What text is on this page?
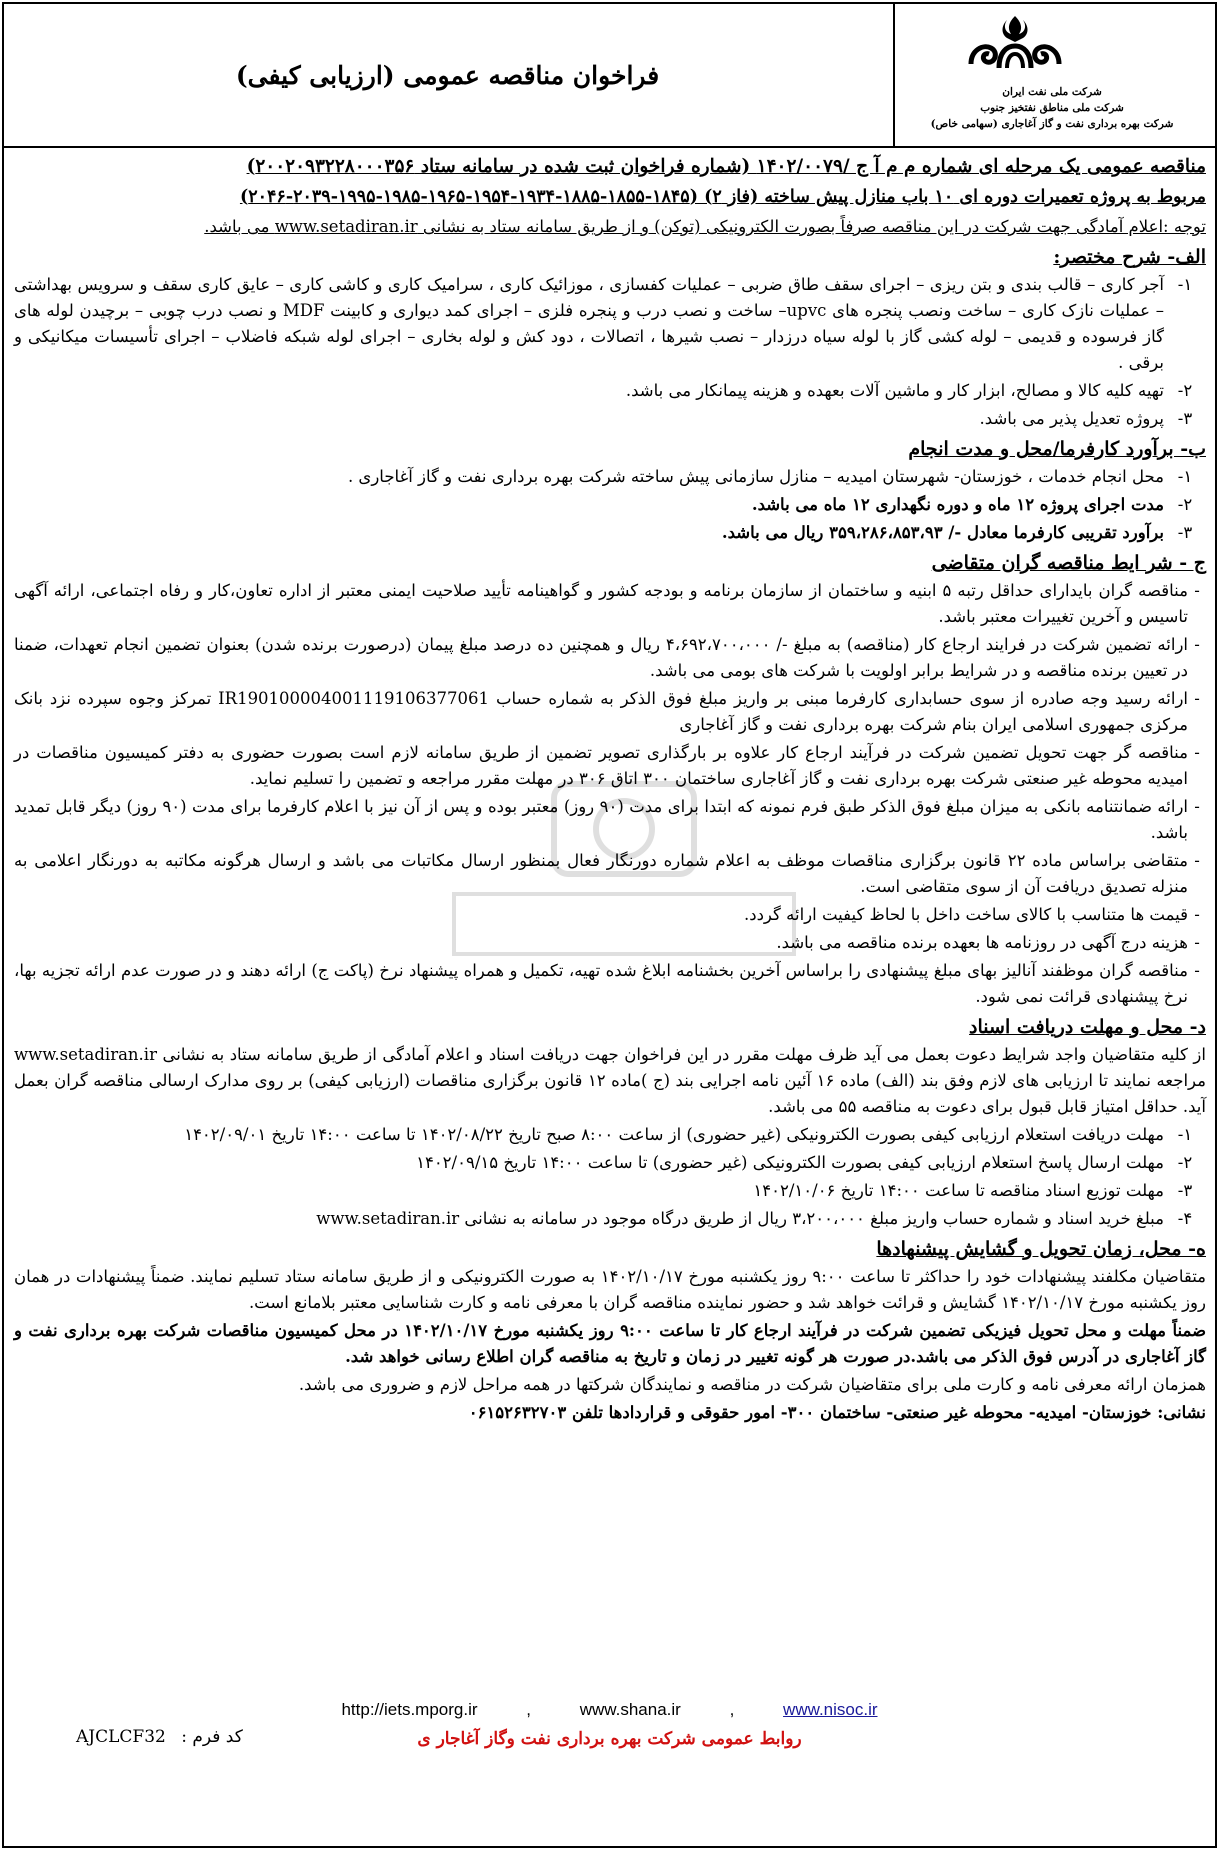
شرکت ملی نفت ایران
شرکت ملی مناطق نفتخیز جنوب
شرکت بهره برداری نفت و گاز آغاجاری (سهامی خاص)
فراخوان مناقصه عمومی (ارزیابی کیفی)
مناقصه عمومی یک مرحله ای شماره م م آ ج /۱۴۰۲/۰۰۷۹ (شماره فراخوان ثبت شده در سامانه ستاد ۲۰۰۲۰۹۳۲۲۸۰۰۰۳۵۶)
مربوط به پروژه تعمیرات دوره ای ۱۰ باب منازل پیش ساخته (فاز ۲) (۱۸۴۵-۱۸۵۵-۱۸۸۵-۱۹۳۴-۱۹۵۴-۱۹۶۵-۱۹۸۵-۱۹۹۵-۲۰۳۹-۲۰۴۶)
توجه :اعلام آمادگی جهت شرکت در این مناقصه صرفاً بصورت الکترونیکی (توکن) و از طریق سامانه ستاد به نشانی www.setadiran.ir می باشد.
الف- شرح مختصر:
۱-
آجر کاری – قالب بندی و بتن ریزی – اجرای سقف طاق ضربی – عملیات کفسازی ، موزائیک کاری ، سرامیک کاری و کاشی کاری – عایق کاری سقف و سرویس بهداشتی – عملیات نازک کاری – ساخت ونصب پنجره های upvc– ساخت و نصب درب و پنجره فلزی – اجرای کمد دیواری و کابینت MDF و نصب درب چوبی – برچیدن لوله های گاز فرسوده و قدیمی – لوله کشی گاز با لوله سیاه درزدار – نصب شیرها ، اتصالات ، دود کش و لوله بخاری – اجرای لوله شبکه فاضلاب – اجرای تأسیسات میکانیکی و برقی .
۲-
تهیه کلیه کالا و مصالح، ابزار کار و ماشین آلات بعهده و هزینه پیمانکار می باشد.
۳-
پروژه تعدیل پذیر می باشد.
ب- برآورد کارفرما/محل و مدت انجام
۱-
محل انجام خدمات ، خوزستان- شهرستان امیدیه – منازل سازمانی پیش ساخته شرکت بهره برداری نفت و گاز آغاجاری .
۲-
مدت اجرای پروژه ۱۲ ماه و دوره نگهداری ۱۲ ماه می باشد.
۳-
برآورد تقریبی کارفرما معادل -/ ۳۵۹،۲۸۶،۸۵۳،۹۳ ریال می باشد.
ج - شر ایط مناقصه گران متقاضی
-
مناقصه گران بایدارای حداقل رتبه ۵ ابنیه و ساختمان از سازمان برنامه و بودجه کشور و گواهینامه تأیید صلاحیت ایمنی معتبر از اداره تعاون،کار و رفاه اجتماعی، ارائه آگهی تاسیس و آخرین تغییرات معتبر باشد.
-
ارائه تضمین شرکت در فرایند ارجاع کار (مناقصه) به مبلغ -/ ۴،۶۹۲،۷۰۰،۰۰۰ ریال و همچنین ده درصد مبلغ پیمان (درصورت برنده شدن) بعنوان تضمین انجام تعهدات، ضمنا در تعیین برنده مناقصه و در شرایط برابر اولویت با شرکت های بومی می باشد.
-
ارائه رسید وجه صادره از سوی حسابداری کارفرما مبنی بر واریز مبلغ فوق الذکر به شماره حساب IR190100004001119106377061 تمرکز وجوه سپرده نزد بانک مرکزی جمهوری اسلامی ایران بنام شرکت بهره برداری نفت و گاز آغاجاری
-
مناقصه گر جهت تحویل تضمین شرکت در فرآیند ارجاع کار علاوه بر بارگذاری تصویر تضمین از طریق سامانه لازم است بصورت حضوری به دفتر کمیسیون مناقصات در امیدیه محوطه غیر صنعتی شرکت بهره برداری نفت و گاز آغاجاری ساختمان ۳۰۰ اتاق ۳۰۶ در مهلت مقرر مراجعه و تضمین را تسلیم نماید.
-
ارائه ضمانتنامه بانکی به میزان مبلغ فوق الذکر طبق فرم نمونه که ابتدا برای مدت (۹۰ روز) معتبر بوده و پس از آن نیز با اعلام کارفرما برای مدت (۹۰ روز) دیگر قابل تمدید باشد.
-
متقاضی براساس ماده ۲۲ قانون برگزاری مناقصات موظف به اعلام شماره دورنگار فعال بمنظور ارسال مکاتبات می باشد و ارسال هرگونه مکاتبه به دورنگار اعلامی به منزله تصدیق دریافت آن از سوی متقاضی است.
-
قیمت ها متناسب با کالای ساخت داخل با لحاظ کیفیت ارائه گردد.
-
هزینه درج آگهی در روزنامه ها بعهده برنده مناقصه می باشد.
-
مناقصه گران موظفند آنالیز بهای مبلغ پیشنهادی را براساس آخرین بخشنامه ابلاغ شده تهیه، تکمیل و همراه پیشنهاد نرخ (پاکت ج) ارائه دهند و در صورت عدم ارائه تجزیه بها، نرخ پیشنهادی قرائت نمی شود.
د- محل و مهلت دریافت اسناد
از کلیه متقاضیان واجد شرایط دعوت بعمل می آید ظرف مهلت مقرر در این فراخوان جهت دریافت اسناد و اعلام آمادگی از طریق سامانه ستاد به نشانی www.setadiran.ir مراجعه نمایند تا ارزیابی های لازم وفق بند (الف) ماده ۱۶ آئین نامه اجرایی بند (ج )ماده ۱۲ قانون برگزاری مناقصات (ارزیابی کیفی) بر روی مدارک ارسالی مناقصه گران بعمل آید. حداقل امتیاز قابل قبول برای دعوت به مناقصه ۵۵ می باشد.
۱-
مهلت دریافت استعلام ارزیابی کیفی بصورت الکترونیکی (غیر حضوری) از ساعت ۸:۰۰ صبح تاریخ ۱۴۰۲/۰۸/۲۲ تا ساعت ۱۴:۰۰ تاریخ ۱۴۰۲/۰۹/۰۱
۲-
مهلت ارسال پاسخ استعلام ارزیابی کیفی بصورت الکترونیکی (غیر حضوری) تا ساعت ۱۴:۰۰ تاریخ ۱۴۰۲/۰۹/۱۵
۳-
مهلت توزیع اسناد مناقصه تا ساعت ۱۴:۰۰ تاریخ ۱۴۰۲/۱۰/۰۶
۴-
مبلغ خرید اسناد و شماره حساب واریز مبلغ ۳،۲۰۰،۰۰۰ ریال از طریق درگاه موجود در سامانه به نشانی www.setadiran.ir
ه- محل، زمان تحویل و گشایش پیشنهادها
متقاضیان مکلفند پیشنهادات خود را حداکثر تا ساعت ۹:۰۰ روز یکشنبه مورخ ۱۴۰۲/۱۰/۱۷ به صورت الکترونیکی و از طریق سامانه ستاد تسلیم نمایند. ضمناً پیشنهادات در همان روز یکشنبه مورخ ۱۴۰۲/۱۰/۱۷ گشایش و قرائت خواهد شد و حضور نماینده مناقصه گران با معرفی نامه و کارت شناسایی معتبر بلامانع است.
ضمناً مهلت و محل تحویل فیزیکی تضمین شرکت در فرآیند ارجاع کار تا ساعت ۹:۰۰ روز یکشنبه مورخ ۱۴۰۲/۱۰/۱۷ در محل کمیسیون مناقصات شرکت بهره برداری نفت و گاز آغاجاری در آدرس فوق الذکر می باشد.در صورت هر گونه تغییر در زمان و تاریخ به مناقصه گران اطلاع رسانی خواهد شد.
همزمان ارائه معرفی نامه و کارت ملی برای متقاضیان شرکت در مناقصه و نمایندگان شرکتها در همه مراحل لازم و ضروری می باشد.
نشانی: خوزستان- امیدیه- محوطه غیر صنعتی- ساختمان ۳۰۰- امور حقوقی و قراردادها تلفن ۰۶۱۵۲۶۳۲۷۰۳
http://iets.mporg.ir	,	www.shana.ir	,	www.nisoc.ir
روابط عمومی شرکت بهره برداری نفت وگاز آغاجار ی
کد فرم : AJCLCF32
